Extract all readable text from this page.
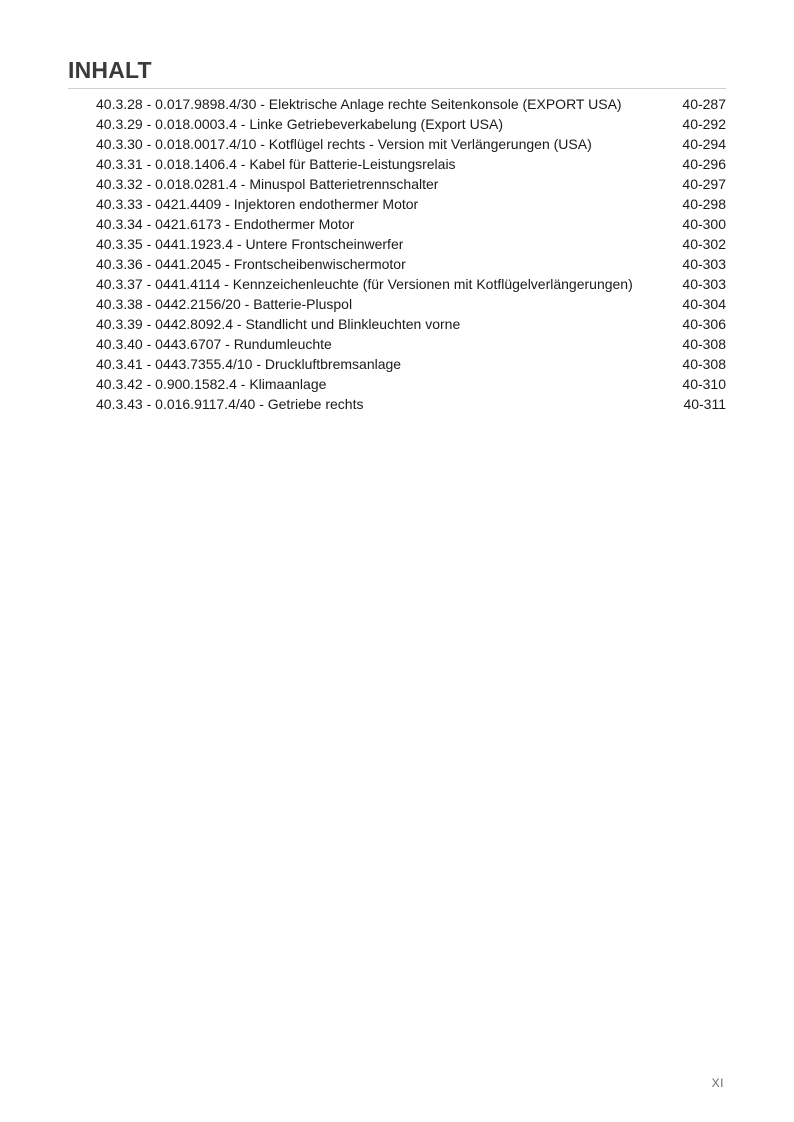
INHALT
40.3.28 - 0.017.9898.4/30 - Elektrische Anlage rechte Seitenkonsole (EXPORT USA)	40-287
40.3.29 - 0.018.0003.4 - Linke Getriebeverkabelung (Export USA)	40-292
40.3.30 - 0.018.0017.4/10 - Kotflügel rechts - Version mit Verlängerungen (USA)	40-294
40.3.31 - 0.018.1406.4 - Kabel für Batterie-Leistungsrelais	40-296
40.3.32 - 0.018.0281.4 - Minuspol Batterietrennschalter	40-297
40.3.33 - 0421.4409 - Injektoren endothermer Motor	40-298
40.3.34 - 0421.6173 - Endothermer Motor	40-300
40.3.35 - 0441.1923.4 - Untere Frontscheinwerfer	40-302
40.3.36 - 0441.2045 - Frontscheibenwischermotor	40-303
40.3.37 - 0441.4114 - Kennzeichenleuchte (für Versionen mit Kotflügelverlängerungen)	40-303
40.3.38 - 0442.2156/20 - Batterie-Pluspol	40-304
40.3.39 - 0442.8092.4 - Standlicht und Blinkleuchten vorne	40-306
40.3.40 - 0443.6707 - Rundumleuchte	40-308
40.3.41 - 0443.7355.4/10 - Druckluftbremsanlage	40-308
40.3.42 - 0.900.1582.4 - Klimaanlage	40-310
40.3.43 - 0.016.9117.4/40 - Getriebe rechts	40-311
XI
